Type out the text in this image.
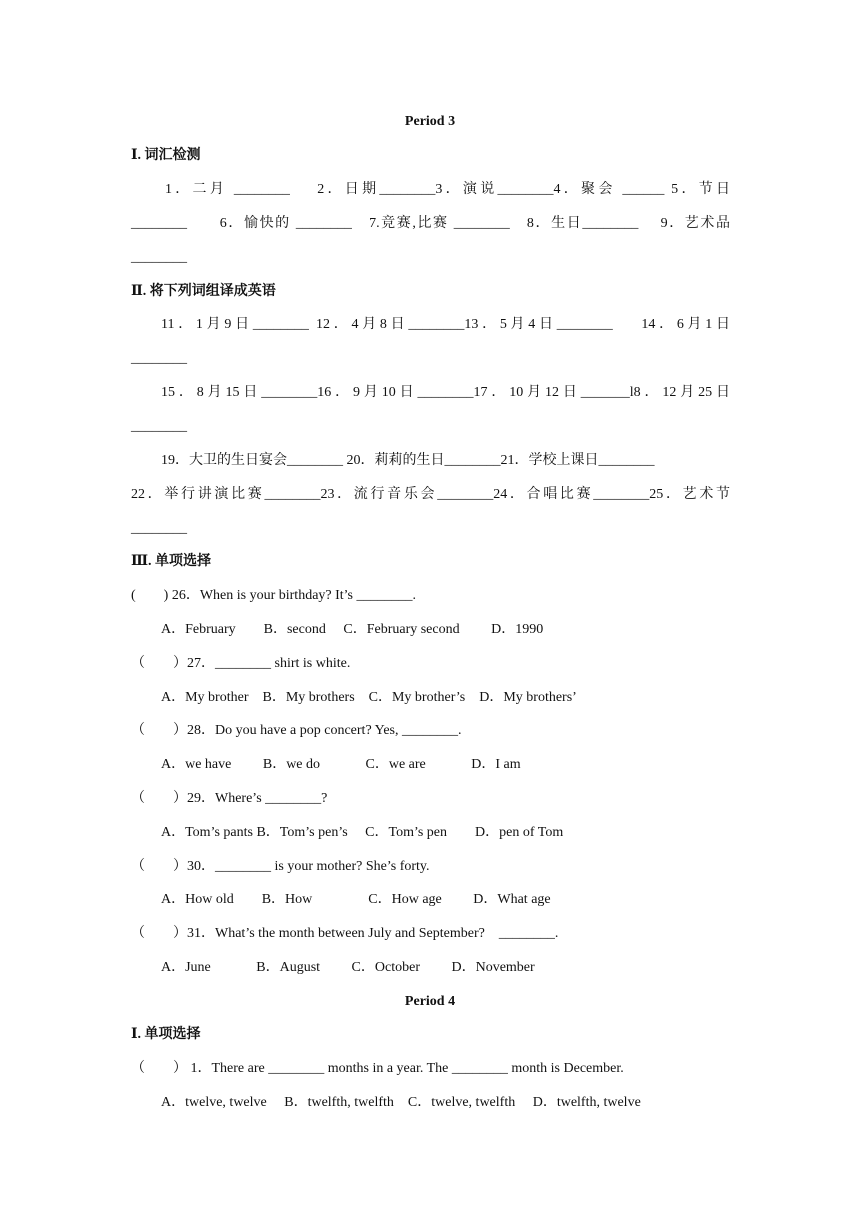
Period 3
Ⅰ. 词汇检测
1．二月 ________　 2．日期________3．演说________4．聚会 ______ 5．节日
________　　6．愉快的 ________　7.竞赛,比赛 ________　8．生日________　 9．艺术品
________
Ⅱ. 将下列词组译成英语
11．1月9日________ 12．4月8日________13．5月4日________　 14．6月1日
________
15．8月15日________16．9月10日________17．10月12日_______l8．12月25日
________
19．大卫的生日宴会________ 20．莉莉的生日________21．学校上课日________
22．举行讲演比赛________23．流行音乐会________24．合唱比赛________25．艺术节
________
Ⅲ. 单项选择
(　　) 26．When is your birthday? It’s ________.
A．February　　B．second　 C．February second　　 D．1990
（　　）27．________ shirt is white.
A．My brother　B．My brothers　C．My brother’s　D．My brothers’
（　　）28．Do you have a pop concert? Yes, ________.
A．we have　　 B．we do　　　 C．we are　　　 D．I am
（　　）29．Where’s ________?
A．Tom’s pants B．Tom’s pen’s　 C．Tom’s pen　　D．pen of Tom
（　　）30．________ is your mother? She’s forty.
A．How old　　B．How　　　　C．How age　　 D．What age
（　　）31．What’s the month between July and September?　________.
A．June　　　 B．August　　 C．October　　 D．November
Period 4
Ⅰ. 单项选择
（　　） 1．There are ________ months in a year. The ________ month is December.
A．twelve, twelve　 B．twelfth, twelfth　C．twelve, twelfth　 D．twelfth, twelve
